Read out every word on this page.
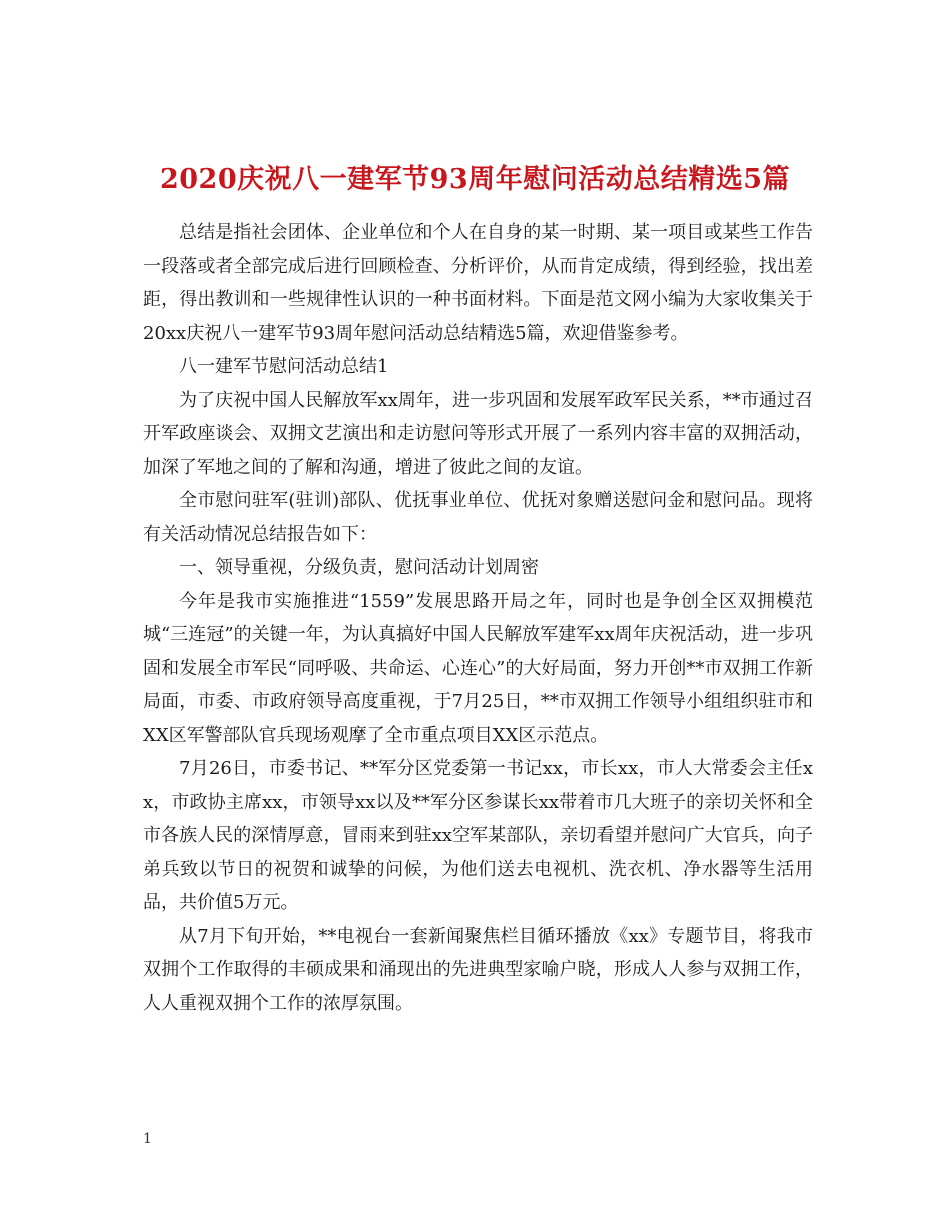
2020庆祝八一建军节93周年慰问活动总结精选5篇

总结是指社会团体、企业单位和个人在自身的某一时期、某一项目或某些工作告一段落或者全部完成后进行回顾检查、分析评价，从而肯定成绩，得到经验，找出差距，得出教训和一些规律性认识的一种书面材料。下面是范文网小编为大家收集关于20xx庆祝八一建军节93周年慰问活动总结精选5篇，欢迎借鉴参考。

八一建军节慰问活动总结1

为了庆祝中国人民解放军xx周年，进一步巩固和发展军政军民关系，**市通过召开军政座谈会、双拥文艺演出和走访慰问等形式开展了一系列内容丰富的双拥活动，加深了军地之间的了解和沟通，增进了彼此之间的友谊。

全市慰问驻军(驻训)部队、优抚事业单位、优抚对象赠送慰问金和慰问品。现将有关活动情况总结报告如下：

一、领导重视，分级负责，慰问活动计划周密

今年是我市实施推进“1559”发展思路开局之年，同时也是争创全区双拥模范城“三连冠”的关键一年，为认真搞好中国人民解放军建军xx周年庆祝活动，进一步巩固和发展全市军民“同呼吸、共命运、心连心”的大好局面，努力开创**市双拥工作新局面，市委、市政府领导高度重视，于7月25日，**市双拥工作领导小组组织驻市和XX区军警部队官兵现场观摩了全市重点项目XX区示范点。

7月26日，市委书记、**军分区党委第一书记xx，市长xx，市人大常委会主任xx，市政协主席xx，市领导xx以及**军分区参谋长xx带着市几大班子的亲切关怀和全市各族人民的深情厚意，冒雨来到驻xx空军某部队，亲切看望并慰问广大官兵，向子弟兵致以节日的祝贺和诚挚的问候，为他们送去电视机、洗衣机、净水器等生活用品，共价值5万元。

从7月下旬开始，**电视台一套新闻聚焦栏目循环播放《xx》专题节目，将我市双拥个工作取得的丰硕成果和涌现出的先进典型家喻户晓，形成人人参与双拥工作，人人重视双拥个工作的浓厚氛围。

1
